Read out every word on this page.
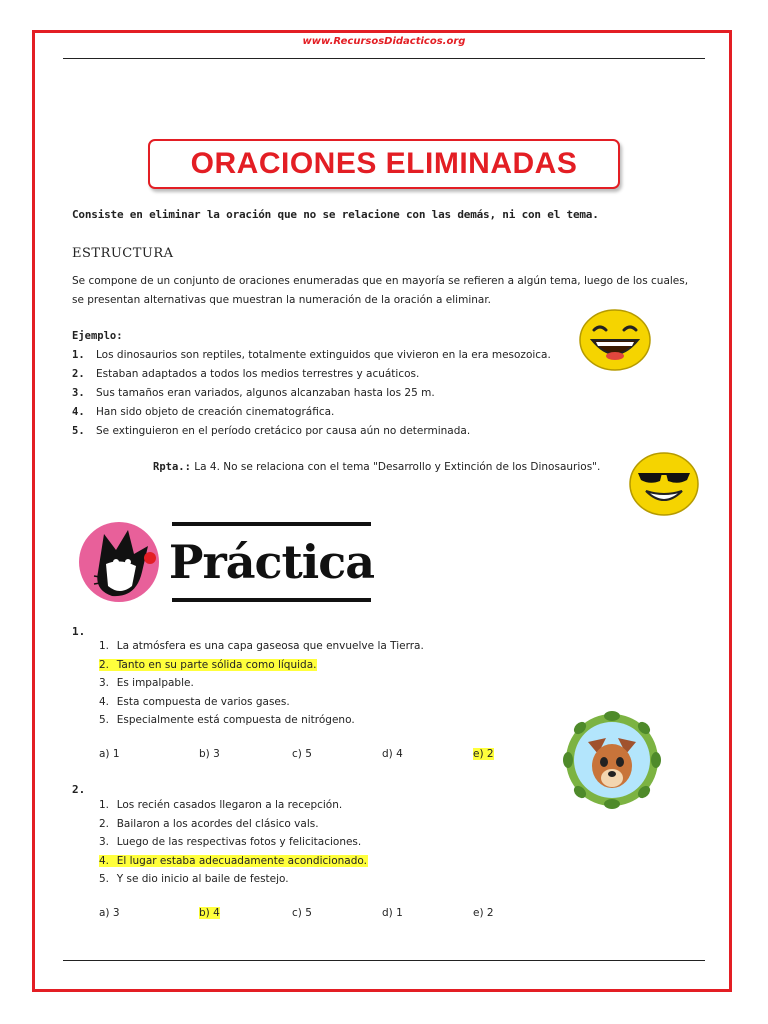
www.RecursosDidacticos.org
ORACIONES ELIMINADAS
Consiste en eliminar la oración que no se relacione con las demás, ni con el tema.
ESTRUCTURA
Se compone de un conjunto de oraciones enumeradas que en mayoría se refieren a algún tema, luego de los cuales,
se presentan alternativas que muestran la numeración de la oración a eliminar.
Ejemplo:
1.	Los dinosaurios son reptiles, totalmente extinguidos que vivieron en la era mesozoica.
2.	Estaban adaptados a todos los medios terrestres y acuáticos.
3.	Sus tamaños eran variados, algunos alcanzaban hasta los 25 m.
4.	Han sido objeto de creación cinematográfica.
5.	Se extinguieron en el período cretácico por causa aún no determinada.
Rpta.: La 4. No se relaciona con el tema "Desarrollo y Extinción de los Dinosaurios".
Práctica
1.
1. La atmósfera es una capa gaseosa que envuelve la Tierra.
2. Tanto en su parte sólida como líquida.
3. Es impalpable.
4. Esta compuesta de varios gases.
5. Especialmente está compuesta de nitrógeno.
a) 1	b) 3	c) 5	d) 4	e) 2
2.
1. Los recién casados llegaron a la recepción.
2. Bailaron a los acordes del clásico vals.
3. Luego de las respectivas fotos y felicitaciones.
4. El lugar estaba adecuadamente acondicionado.
5. Y se dio inicio al baile de festejo.
a) 3	b) 4	c) 5	d) 1	e) 2
